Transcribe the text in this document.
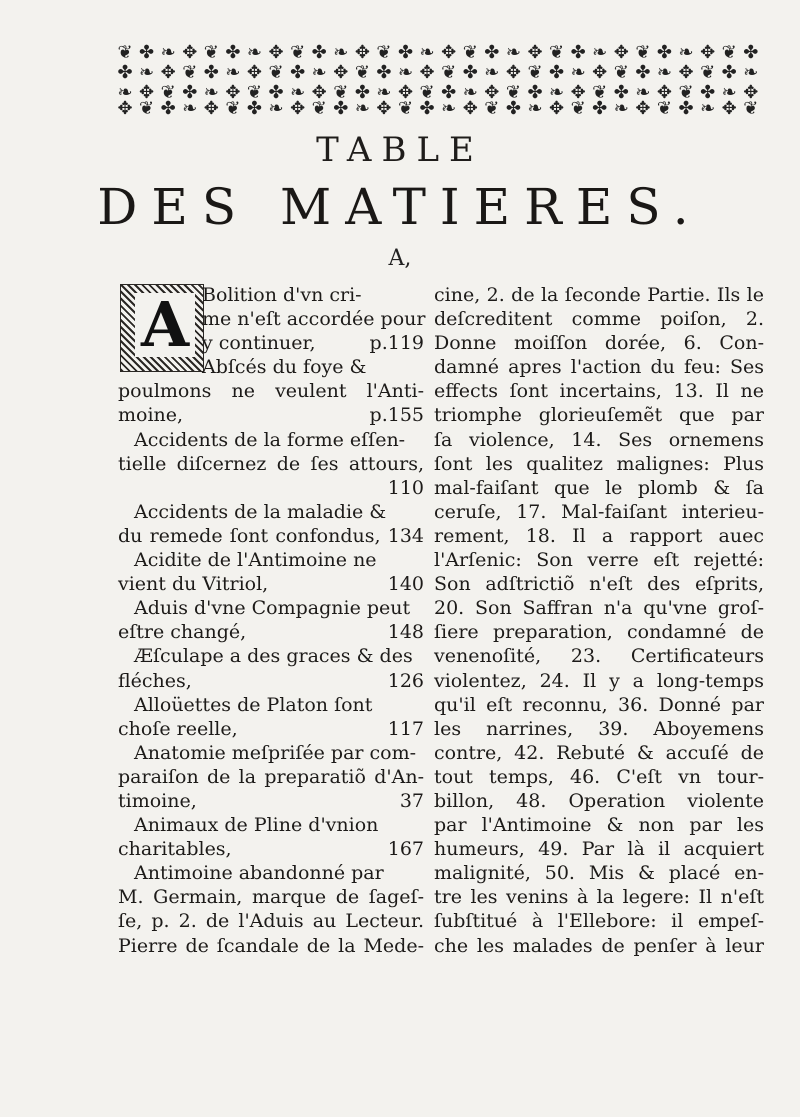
❦ ✤ ❧ ✥ ❦ ✤ ❧ ✥ ❦ ✤ ❧ ✥ ❦ ✤ ❧ ✥ ❦ ✤ ❧ ✥ ❦ ✤ ❧ ✥ ❦ ✤ ❧ ✥ ❦ ✤
✤ ❧ ✥ ❦ ✤ ❧ ✥ ❦ ✤ ❧ ✥ ❦ ✤ ❧ ✥ ❦ ✤ ❧ ✥ ❦ ✤ ❧ ✥ ❦ ✤ ❧ ✥ ❦ ✤ ❧
❧ ✥ ❦ ✤ ❧ ✥ ❦ ✤ ❧ ✥ ❦ ✤ ❧ ✥ ❦ ✤ ❧ ✥ ❦ ✤ ❧ ✥ ❦ ✤ ❧ ✥ ❦ ✤ ❧ ✥
✥ ❦ ✤ ❧ ✥ ❦ ✤ ❧ ✥ ❦ ✤ ❧ ✥ ❦ ✤ ❧ ✥ ❦ ✤ ❧ ✥ ❦ ✤ ❧ ✥ ❦ ✤ ❧ ✥ ❦
TABLE
DES MATIERES.
A,
A Bolition d'vn cri-
me n'eſt accordée pour
y continuer,	p.119
Abſcés du foye &
poulmons ne veulent l'Anti-
moine,	p.155
Accidents de la forme eſſen-
tielle diſcernez de ſes attours,
110
Accidents de la maladie &
du remede ſont confondus, 134
Acidite de l'Antimoine ne
vient du Vitriol,	140
Aduis d'vne Compagnie peut
eſtre changé,	148
Æſculape a des graces & des
fléches,	126
Alloüettes de Platon ſont
choſe reelle,	117
Anatomie meſpriſée par com-
paraiſon de la preparatiõ d'An-
timoine,	37
Animaux de Pline d'vnion
charitables,	167
Antimoine abandonné par
M. Germain, marque de ſageſ-
ſe, p. 2. de l'Aduis au Lecteur.
Pierre de ſcandale de la Mede-
cine, 2. de la ſeconde Partie. Ils le
deſcreditent comme poiſon, 2.
Donne moiſſon dorée, 6. Con-
damné apres l'action du feu: Ses
effects ſont incertains, 13. Il ne
triomphe glorieuſemẽt que par
ſa violence, 14. Ses ornemens
ſont les qualitez malignes: Plus
mal-faiſant que le plomb & ſa
ceruſe, 17. Mal-faiſant interieu-
rement, 18. Il a rapport auec
l'Arſenic: Son verre eſt rejetté:
Son adſtrictiõ n'eſt des eſprits,
20. Son Saffran n'a qu'vne groſ-
ſiere preparation, condamné de
venenoſité, 23. Certificateurs
violentez, 24. Il y a long-temps
qu'il eſt reconnu, 36. Donné par
les narrines, 39. Aboyemens
contre, 42. Rebuté & accuſé de
tout temps, 46. C'eſt vn tour-
billon, 48. Operation violente
par l'Antimoine & non par les
humeurs, 49. Par là il acquiert
malignité, 50. Mis & placé en-
tre les venins à la legere: Il n'eſt
ſubſtitué à l'Ellebore: il empeſ-
che les malades de penſer à leur
